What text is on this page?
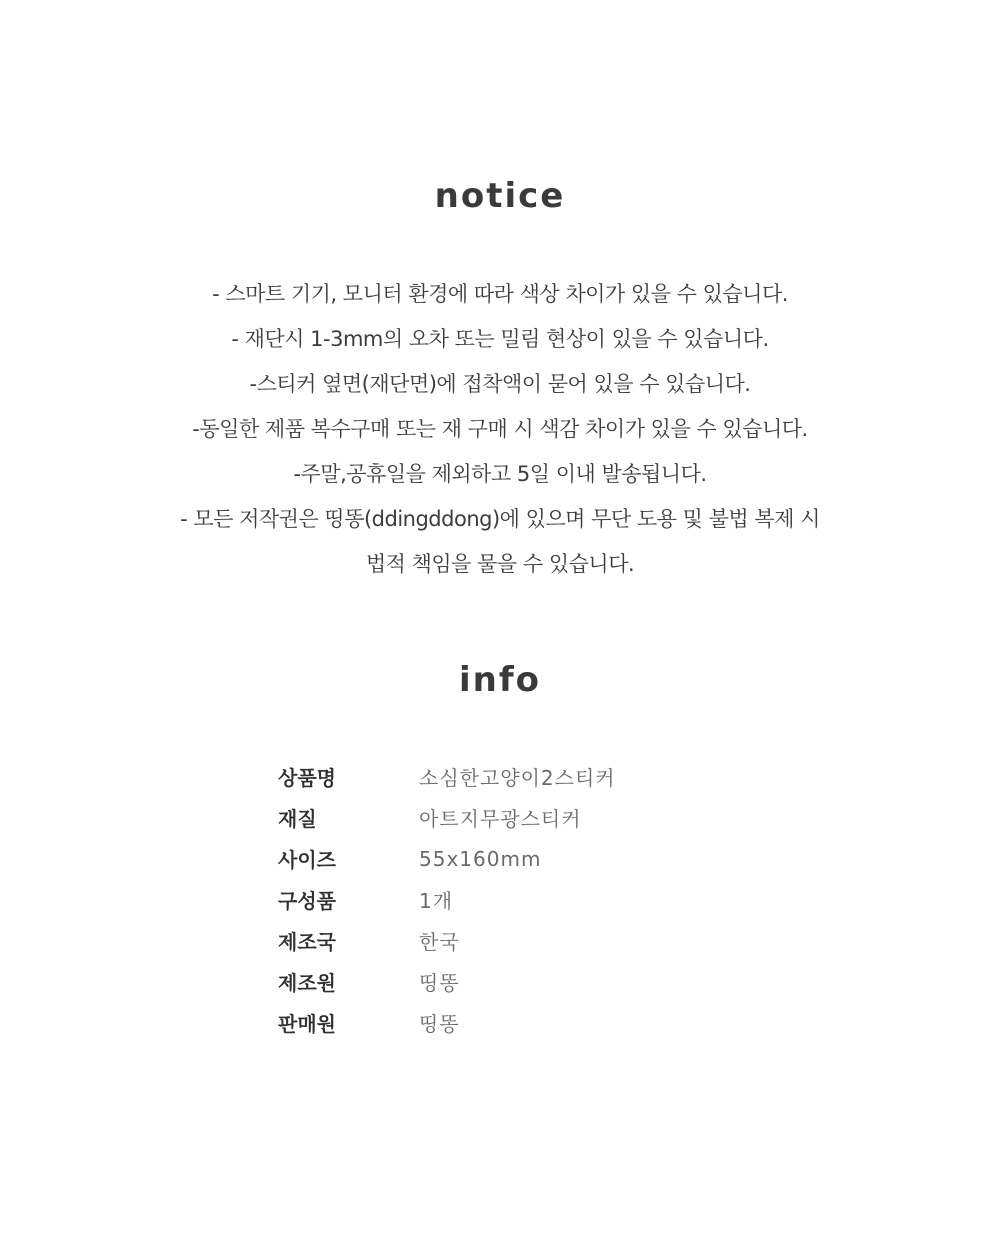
notice
- 스마트 기기, 모니터 환경에 따라 색상 차이가 있을 수 있습니다.
- 재단시 1-3mm의 오차 또는 밀림 현상이 있을 수 있습니다.
-스티커 옆면(재단면)에 접착액이 묻어 있을 수 있습니다.
-동일한 제품 복수구매 또는 재 구매 시 색감 차이가 있을 수 있습니다.
-주말,공휴일을 제외하고 5일 이내 발송됩니다.
- 모든 저작권은 띵똥(ddingddong)에 있으며 무단 도용 및 불법 복제 시
법적 책임을 물을 수 있습니다.
info
상품명	소심한고양이2스티커
재질	아트지무광스티커
사이즈	55x160mm
구성품	1개
제조국	한국
제조원	띵똥
판매원	띵똥
